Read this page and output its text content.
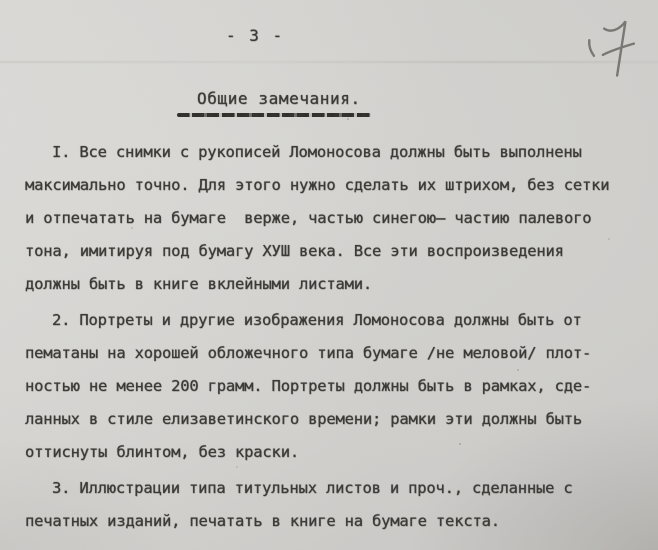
- 3 -
Общие замечания.
I. Все снимки с рукописей Ломоносова должны быть выполнены
максимально точно. Для этого нужно сделать их штрихом, без сетки
и отпечатать на бумаге  верже, частью синегою̶ частию палевого
тона, имитируя под бумагу ХУШ века. Все эти воспроизведения
должны быть в книге вклейными листами.
2. Портреты и другие изображения Ломоносова должны быть от
пематаны на хорошей обложечного типа бумаге /не меловой/ плот-
ностью не менее 200 грамм. Портреты должны быть в рамках, сде-
ланных в стиле елизаветинского времени; рамки эти должны быть
оттиснуты блинтом, без краски.
3. Иллюстрации типа титульных листов и проч., сделанные с
печатных изданий, печатать в книге на бумаге текста.
